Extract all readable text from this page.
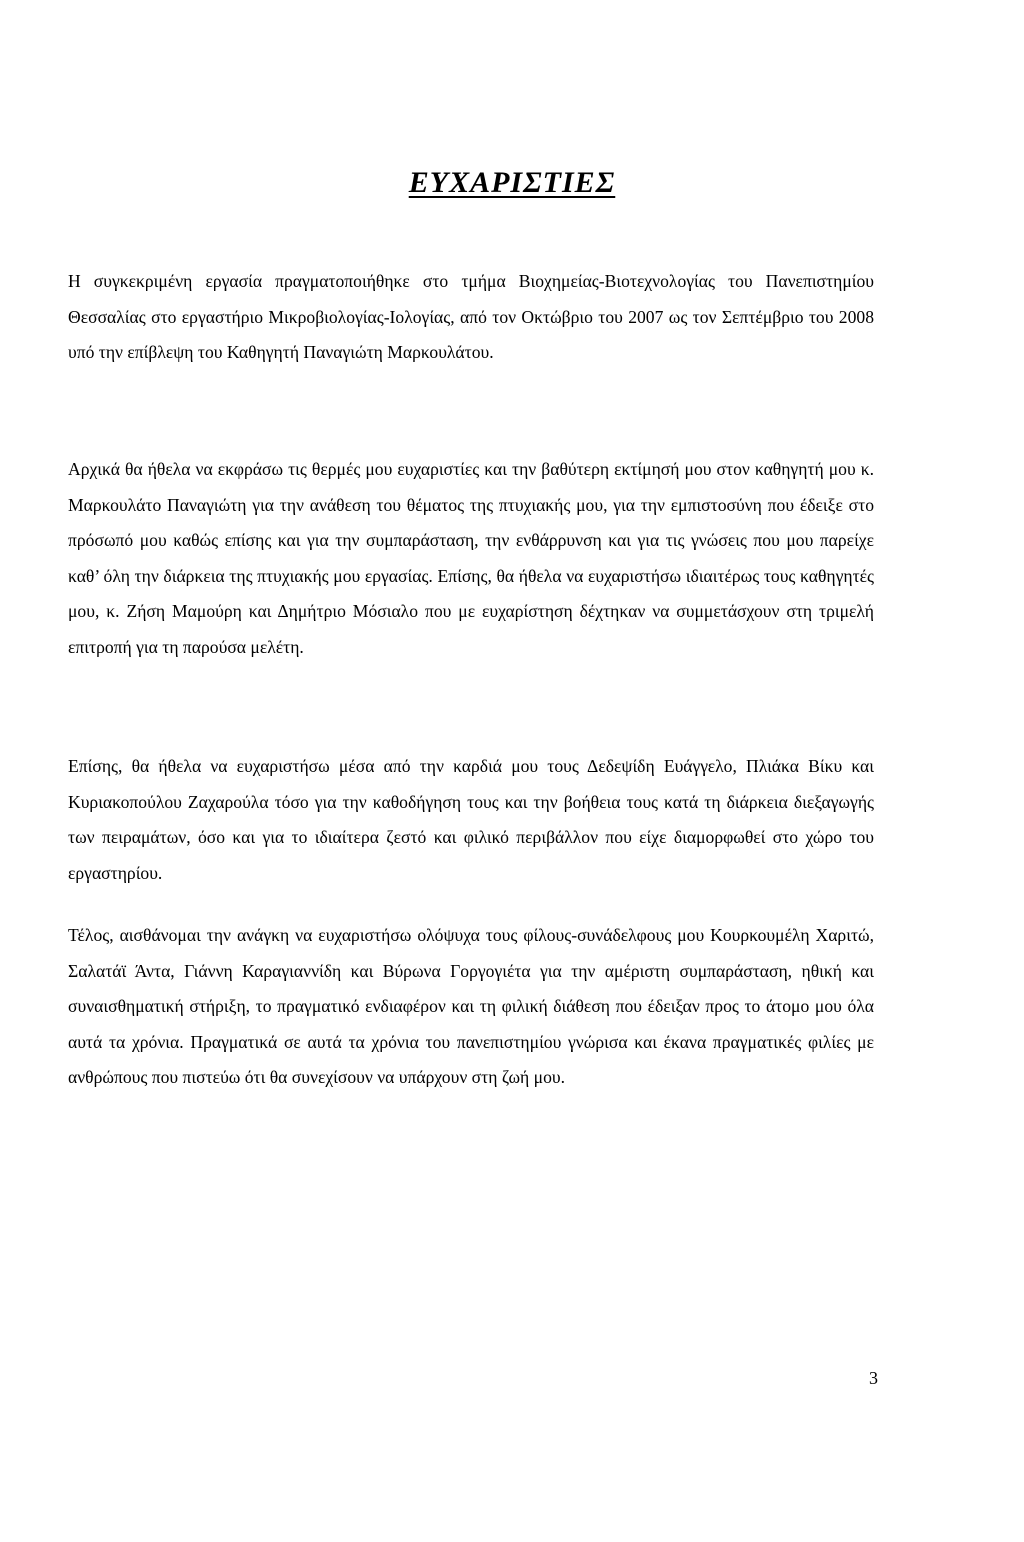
ΕΥΧΑΡΙΣΤΙΕΣ

Η συγκεκριμένη εργασία πραγματοποιήθηκε στο τμήμα Βιοχημείας-Βιοτεχνολογίας του Πανεπιστημίου Θεσσαλίας στο εργαστήριο Μικροβιολογίας-Ιολογίας, από τον Οκτώβριο του 2007 ως τον Σεπτέμβριο του 2008 υπό την επίβλεψη του Καθηγητή Παναγιώτη Μαρκουλάτου.

Αρχικά θα ήθελα να εκφράσω τις θερμές μου ευχαριστίες και την βαθύτερη εκτίμησή μου στον καθηγητή μου κ. Μαρκουλάτο Παναγιώτη για την ανάθεση του θέματος της πτυχιακής μου, για την εμπιστοσύνη που έδειξε στο πρόσωπό μου καθώς επίσης και για την συμπαράσταση, την ενθάρρυνση και για τις γνώσεις που μου παρείχε καθ’ όλη την διάρκεια της πτυχιακής μου εργασίας. Επίσης, θα ήθελα να ευχαριστήσω ιδιαιτέρως τους καθηγητές μου, κ. Ζήση Μαμούρη και Δημήτριο Μόσιαλο που με ευχαρίστηση δέχτηκαν να συμμετάσχουν στη τριμελή επιτροπή για τη παρούσα μελέτη.

Επίσης, θα ήθελα να ευχαριστήσω μέσα από την καρδιά μου τους Δεδεψίδη Ευάγγελο, Πλιάκα Βίκυ και Κυριακοπούλου Ζαχαρούλα τόσο για την καθοδήγηση τους και την βοήθεια τους κατά τη διάρκεια διεξαγωγής των πειραμάτων, όσο και για το ιδιαίτερα ζεστό και φιλικό περιβάλλον που είχε διαμορφωθεί στο χώρο του εργαστηρίου.

Τέλος, αισθάνομαι την ανάγκη να ευχαριστήσω ολόψυχα τους φίλους-συνάδελφους μου Κουρκουμέλη Χαριτώ, Σαλατάϊ Άντα, Γιάννη Καραγιαννίδη και Βύρωνα Γοργογιέτα για την αμέριστη συμπαράσταση, ηθική και συναισθηματική στήριξη, το πραγματικό ενδιαφέρον και τη φιλική διάθεση που έδειξαν προς το άτομο μου όλα αυτά τα χρόνια. Πραγματικά σε αυτά τα χρόνια του πανεπιστημίου γνώρισα και έκανα πραγματικές φιλίες με ανθρώπους που πιστεύω ότι θα συνεχίσουν να υπάρχουν στη ζωή μου.

3
